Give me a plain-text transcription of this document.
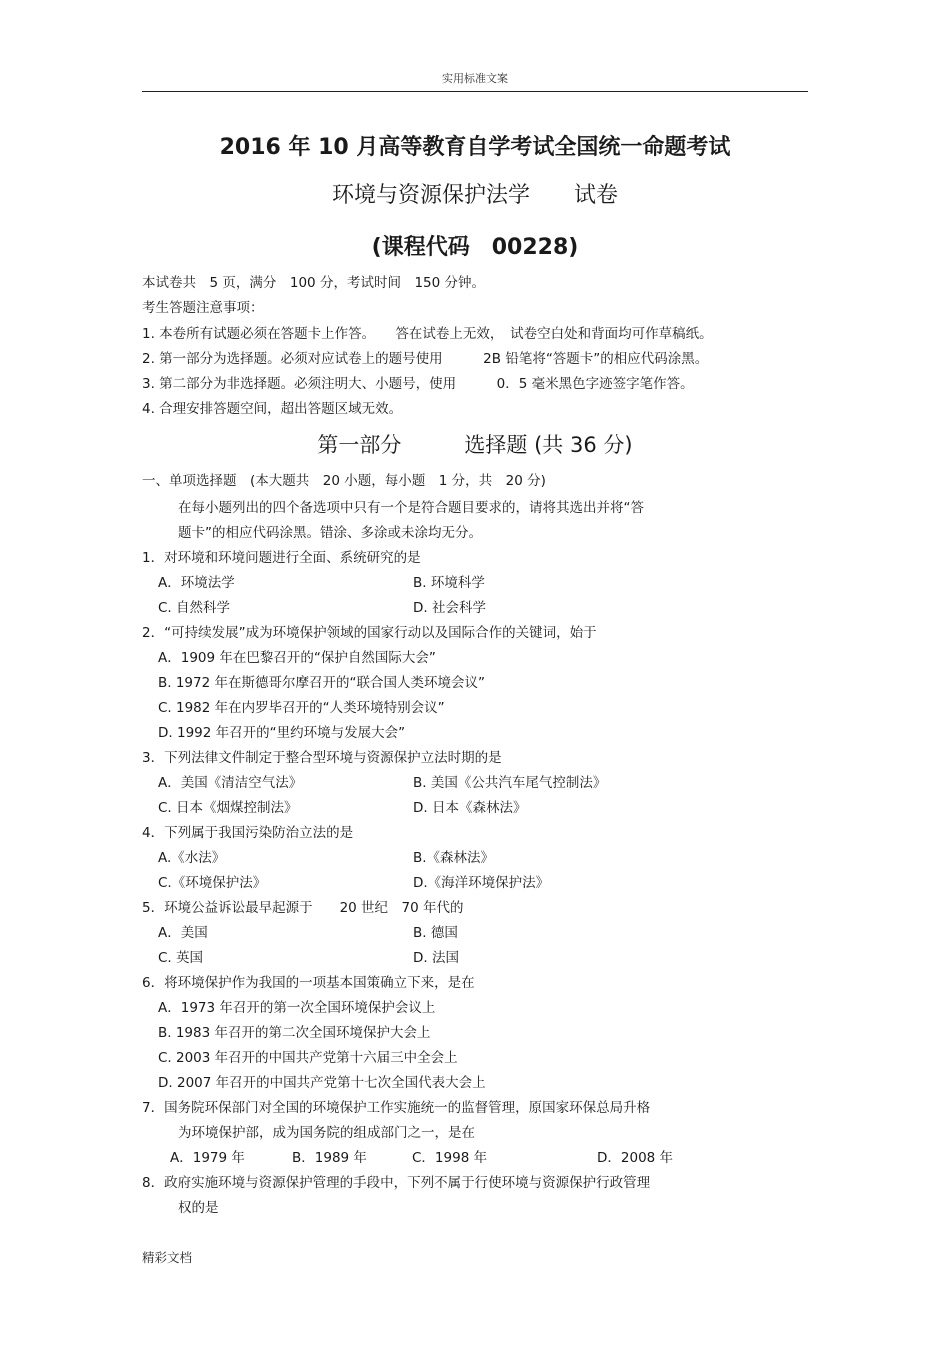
实用标准文案
2016 年 10 月高等教育自学考试全国统一命题考试
环境与资源保护法学　　试卷
(课程代码　00228)
本试卷共　5 页，满分　100 分，考试时间　150 分钟。
考生答题注意事项：
1. 本卷所有试题必须在答题卡上作答。　　答在试卷上无效，　试卷空白处和背面均可作草稿纸。
2. 第一部分为选择题。必须对应试卷上的题号使用　　　2B 铅笔将“答题卡”的相应代码涂黑。
3. 第二部分为非选择题。必须注明大、小题号，使用　　　0．5 毫米黑色字迹签字笔作答。
4. 合理安排答题空间，超出答题区域无效。
第一部分　　　选择题 (共 36 分)
一、单项选择题　(本大题共　20 小题，每小题　1 分，共　20 分)
在每小题列出的四个备选项中只有一个是符合题目要求的，请将其选出并将“答
题卡”的相应代码涂黑。错涂、多涂或未涂均无分。
1．对环境和环境问题进行全面、系统研究的是
A．环境法学	B. 环境科学
C. 自然科学	D. 社会科学
2．“可持续发展”成为环境保护领域的国家行动以及国际合作的关键词，始于
A．1909 年在巴黎召开的“保护自然国际大会”
B. 1972 年在斯德哥尔摩召开的“联合国人类环境会议”
C. 1982 年在内罗毕召开的“人类环境特别会议”
D. 1992 年召开的“里约环境与发展大会”
3．下列法律文件制定于整合型环境与资源保护立法时期的是
A．美国《清洁空气法》	B. 美国《公共汽车尾气控制法》
C. 日本《烟煤控制法》	D. 日本《森林法》
4．下列属于我国污染防治立法的是
A.《水法》	B.《森林法》
C.《环境保护法》	D.《海洋环境保护法》
5．环境公益诉讼最早起源于　　20 世纪　70 年代的
A．美国	B. 德国
C. 英国	D. 法国
6．将环境保护作为我国的一项基本国策确立下来，是在
A．1973 年召开的第一次全国环境保护会议上
B. 1983 年召开的第二次全国环境保护大会上
C. 2003 年召开的中国共产党第十六届三中全会上
D. 2007 年召开的中国共产党第十七次全国代表大会上
7．国务院环保部门对全国的环境保护工作实施统一的监督管理，原国家环保总局升格
为环境保护部，成为国务院的组成部门之一，是在
A．1979 年	B．1989 年	C．1998 年	D．2008 年
8．政府实施环境与资源保护管理的手段中，下列不属于行使环境与资源保护行政管理
权的是
精彩文档
